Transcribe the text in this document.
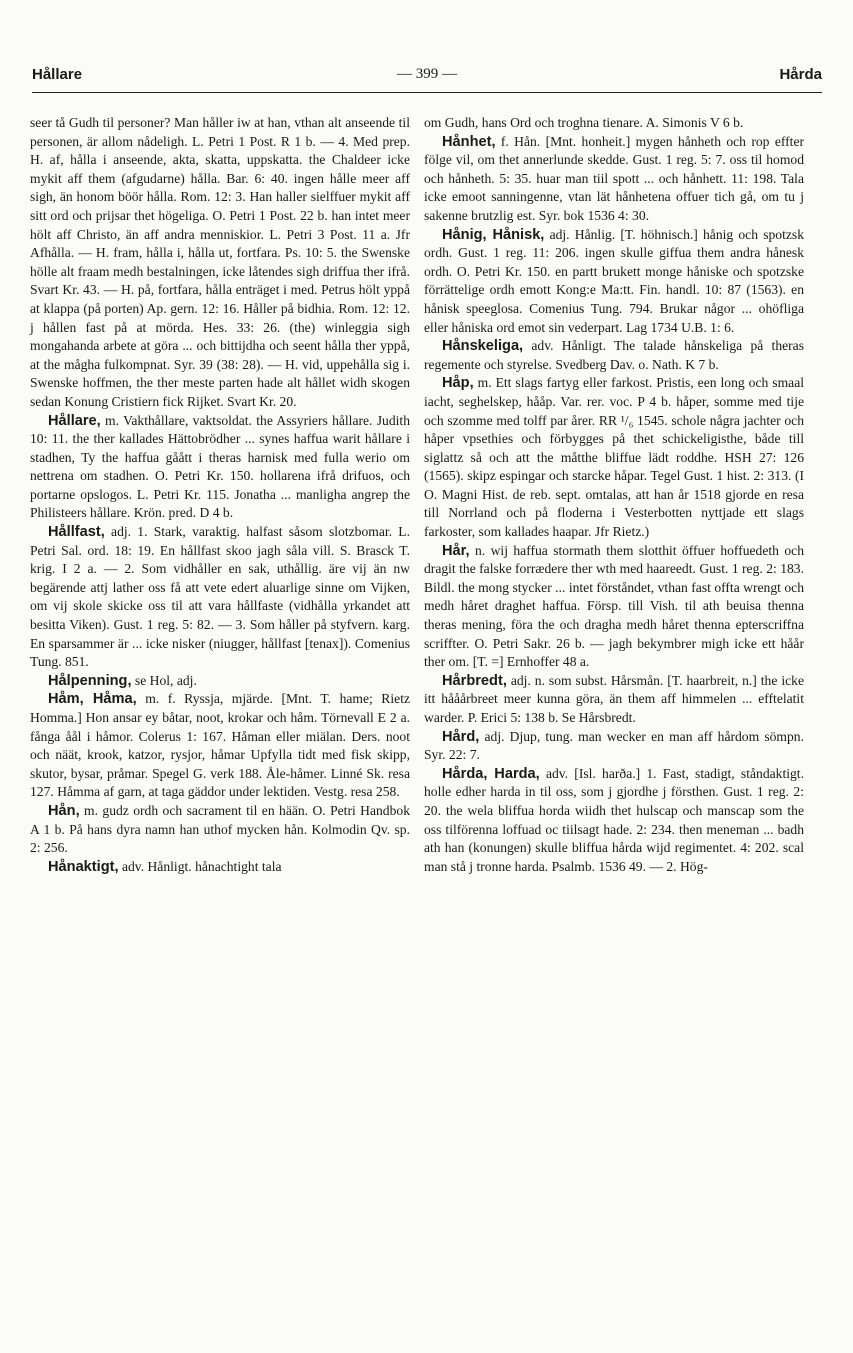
Hållare	— 399 —	Hårda

seer tå Gudh til personer? Man håller iw at han, vthan alt anseende til personen, är allom nådeligh. L. Petri 1 Post. R 1 b. — 4. Med prep. H. af, hålla i anseende, akta, skatta, uppskatta. the Chaldeer icke mykit aff them (afgudarne) hålla. Bar. 6: 40. ingen hålle meer aff sigh, än honom böör hålla. Rom. 12: 3. Han haller sielffuer mykit aff sitt ord och prijsar thet högeliga. O. Petri 1 Post. 22 b. han intet meer hölt aff Christo, än aff andra menniskior. L. Petri 3 Post. 11 a. Jfr Afhålla. — H. fram, hålla i, hålla ut, fortfara. Ps. 10: 5. the Swenske hölle alt fraam medh bestalningen, icke låtendes sigh driffua ther ifrå. Svart Kr. 43. — H. på, fortfara, hålla enträget i med. Petrus hölt yppå at klappa (på porten) Ap. gern. 12: 16. Håller på bidhia. Rom. 12: 12. j hållen fast på at mörda. Hes. 33: 26. (the) winleggia sigh mongahanda arbete at göra ... och bittijdha och seent hålla ther yppå, at the mågha fulkompnat. Syr. 39 (38: 28). — H. vid, uppehålla sig i. Swenske hoffmen, the ther meste parten hade alt hållet widh skogen sedan Konung Cristiern fick Rijket. Svart Kr. 20.

Hållare, m. Vakthållare, vaktsoldat. the Assyriers hållare. Judith 10: 11. the ther kallades Hättobrödher ... synes haffua warit hållare i stadhen, Ty the haffua gåått i theras harnisk med fulla werio om nettrena om stadhen. O. Petri Kr. 150. hollarena ifrå drifuos, och portarne opslogos. L. Petri Kr. 115. Jonatha ... manligha angrep the Philisteers hållare. Krön. pred. D 4 b.

Hållfast, adj. 1. Stark, varaktig. halfast såsom slotzbomar. L. Petri Sal. ord. 18: 19. En hållfast skoo jagh såla vill. S. Brasck T. krig. I 2 a. — 2. Som vidhåller en sak, uthållig. äre vij än nw begärende attj lather oss få att vete edert aluarlige sinne om Vijken, om vij skole skicke oss til att vara hållfaste (vidhålla yrkandet att besitta Viken). Gust. 1 reg. 5: 82. — 3. Som håller på styfvern. karg. En sparsammer är ... icke nisker (niugger, hållfast [tenax]). Comenius Tung. 851.

Hålpenning, se Hol, adj.

Håm, Håma, m. f. Ryssja, mjärde. [Mnt. T. hame; Rietz Homma.] Hon ansar ey båtar, noot, krokar och håm. Törnevall E 2 a. fånga åål i håmor. Colerus 1: 167. Håman eller miälan. Ders. noot och näät, krook, katzor, rysjor, håmar Upfylla tidt med fisk skipp, skutor, bysar, pråmar. Spegel G. verk 188. Åle-håmer. Linné Sk. resa 127. Håmma af garn, at taga gäddor under lektiden. Vestg. resa 258.

Hån, m. gudz ordh och sacrament til en hään. O. Petri Handbok A 1 b. På hans dyra namn han uthof mycken hån. Kolmodin Qv. sp. 2: 256.

Hånaktigt, adv. Hånligt. hånachtight tala

om Gudh, hans Ord och troghna tienare. A. Simonis V 6 b.

Hånhet, f. Hån. [Mnt. honheit.] mygen hånheth och rop effter fölge vil, om thet annerlunde skedde. Gust. 1 reg. 5: 7. oss til homod och hånheth. 5: 35. huar man tiil spott ... och hånhett. 11: 198. Tala icke emoot sanningenne, vtan lät hånhetena offuer tich gå, om tu j sakenne brutzlig est. Syr. bok 1536 4: 30.

Hånig, Hånisk, adj. Hånlig. [T. höhnisch.] hånig och spotzsk ordh. Gust. 1 reg. 11: 206. ingen skulle giffua them andra hånesk ordh. O. Petri Kr. 150. en partt brukett monge håniske och spotzske förrättelige ordh emott Kong:e Ma:tt. Fin. handl. 10: 87 (1563). en hånisk speeglosa. Comenius Tung. 794. Brukar någor ... ohöfliga eller håniska ord emot sin vederpart. Lag 1734 U.B. 1: 6.

Hånskeliga, adv. Hånligt. The talade hånskeliga på theras regemente och styrelse. Svedberg Dav. o. Nath. K 7 b.

Håp, m. Ett slags fartyg eller farkost. Pristis, een long och smaal iacht, seghelskep, hååp. Var. rer. voc. P 4 b. håper, somme med tije och szomme med tolff par årer. RR ¹/₆ 1545. schole några jachter och håper vpsethies och förbygges på thet schickeligisthe, både till siglattz så och att the måtthe bliffue lädt roddhe. HSH 27: 126 (1565). skipz espingar och starcke håpar. Tegel Gust. 1 hist. 2: 313. (I O. Magni Hist. de reb. sept. omtalas, att han år 1518 gjorde en resa till Norrland och på floderna i Vesterbotten nyttjade ett slags farkoster, som kallades haapar. Jfr Rietz.)

Hår, n. wij haffua stormath them slotthit öffuer hoffuedeth och dragit the falske forrædere ther wth med haareedt. Gust. 1 reg. 2: 183. Bildl. the mong stycker ... intet förståndet, vthan fast offta wrengt och medh håret draghet haffua. Försp. till Vish. til ath beuisa thenna theras mening, föra the och dragha medh håret thenna epterscriffna scriffter. O. Petri Sakr. 26 b. — jagh bekymbrer migh icke ett håår ther om. [T. =] Ernhoffer 48 a.

Hårbredt, adj. n. som subst. Hårsmån. [T. haarbreit, n.] the icke itt hååårbreet meer kunna göra, än them aff himmelen ... efftelatit warder. P. Erici 5: 138 b. Se Hårsbredt.

Hård, adj. Djup, tung. man wecker en man aff hårdom sömpn. Syr. 22: 7.

Hårda, Harda, adv. [Isl. harða.] 1. Fast, stadigt, ståndaktigt. holle edher harda in til oss, som j gjordhe j försthen. Gust. 1 reg. 2: 20. the wela bliffua horda wiidh thet hulscap och manscap som the oss tilförenna loffuad oc tiilsagt hade. 2: 234. then meneman ... badh ath han (konungen) skulle bliffua hårda wijd regimentet. 4: 202. scal man stå j tronne harda. Psalmb. 1536 49. — 2. Hög-
